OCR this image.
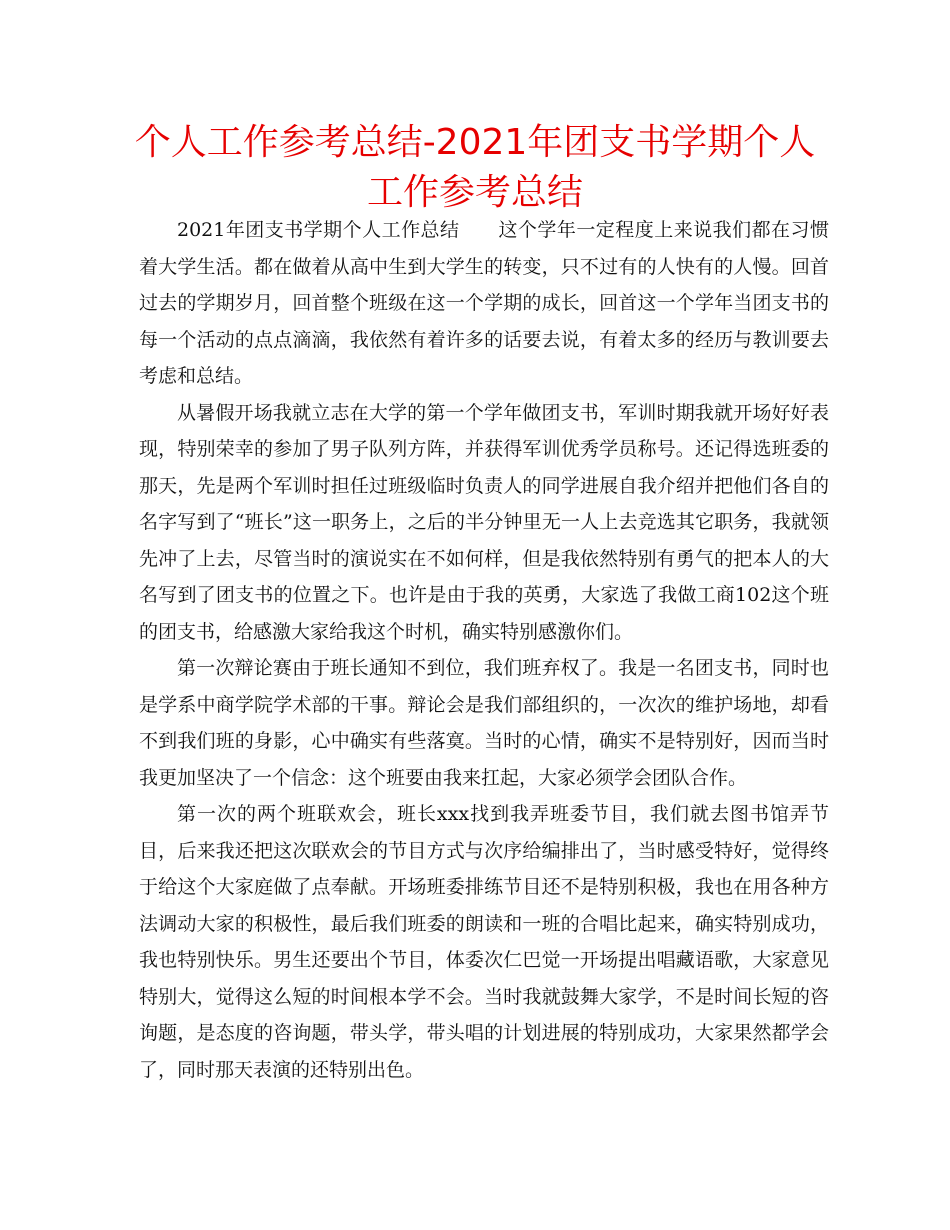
个人工作参考总结-2021年团支书学期个人工作参考总结

2021年团支书学期个人工作总结　　这个学年一定程度上来说我们都在习惯着大学生活。都在做着从高中生到大学生的转变，只不过有的人快有的人慢。回首过去的学期岁月，回首整个班级在这一个学期的成长，回首这一个学年当团支书的每一个活动的点点滴滴，我依然有着许多的话要去说，有着太多的经历与教训要去考虑和总结。

从暑假开场我就立志在大学的第一个学年做团支书，军训时期我就开场好好表现，特别荣幸的参加了男子队列方阵，并获得军训优秀学员称号。还记得选班委的那天，先是两个军训时担任过班级临时负责人的同学进展自我介绍并把他们各自的名字写到了“班长”这一职务上，之后的半分钟里无一人上去竞选其它职务，我就领先冲了上去，尽管当时的演说实在不如何样，但是我依然特别有勇气的把本人的大名写到了团支书的位置之下。也许是由于我的英勇，大家选了我做工商102这个班的团支书，给感激大家给我这个时机，确实特别感激你们。

第一次辩论赛由于班长通知不到位，我们班弃权了。我是一名团支书，同时也是学系中商学院学术部的干事。辩论会是我们部组织的，一次次的维护场地，却看不到我们班的身影，心中确实有些落寞。当时的心情，确实不是特别好，因而当时我更加坚决了一个信念：这个班要由我来扛起，大家必须学会团队合作。

第一次的两个班联欢会，班长xxx找到我弄班委节目，我们就去图书馆弄节目，后来我还把这次联欢会的节目方式与次序给编排出了，当时感受特好，觉得终于给这个大家庭做了点奉献。开场班委排练节目还不是特别积极，我也在用各种方法调动大家的积极性，最后我们班委的朗读和一班的合唱比起来，确实特别成功，我也特别快乐。男生还要出个节目，体委次仁巴觉一开场提出唱藏语歌，大家意见特别大，觉得这么短的时间根本学不会。当时我就鼓舞大家学，不是时间长短的咨询题，是态度的咨询题，带头学，带头唱的计划进展的特别成功，大家果然都学会了，同时那天表演的还特别出色。
